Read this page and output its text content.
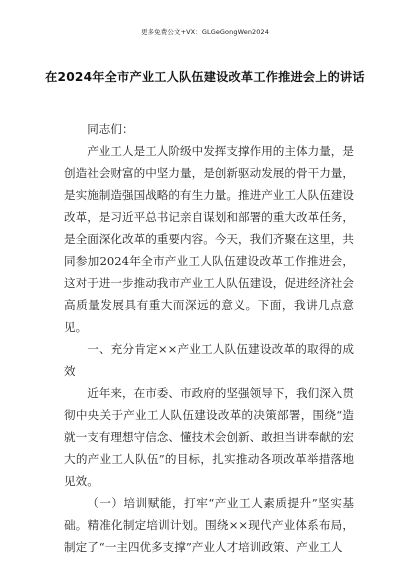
更多免费公文+VX：GLGeGongWen2024
在2024年全市产业工人队伍建设改革工作推进会上的讲话

同志们：

产业工人是工人阶级中发挥支撑作用的主体力量，是创造社会财富的中坚力量，是创新驱动发展的骨干力量，是实施制造强国战略的有生力量。推进产业工人队伍建设改革，是习近平总书记亲自谋划和部署的重大改革任务，是全面深化改革的重要内容。今天，我们齐聚在这里，共同参加2024年全市产业工人队伍建设改革工作推进会，这对于进一步推动我市产业工人队伍建设，促进经济社会高质量发展具有重大而深远的意义。下面，我讲几点意见。

一、充分肯定××产业工人队伍建设改革的取得的成效

近年来，在市委、市政府的坚强领导下，我们深入贯彻中央关于产业工人队伍建设改革的决策部署，围绕“造就一支有理想守信念、懂技术会创新、敢担当讲奉献的宏大的产业工人队伍”的目标，扎实推动各项改革举措落地见效。

（一）培训赋能，打牢“产业工人素质提升”坚实基础。精准化制定培训计划。围绕××现代产业体系布局，制定了“一主四优多支撑”产业人才培训政策、产业工人
